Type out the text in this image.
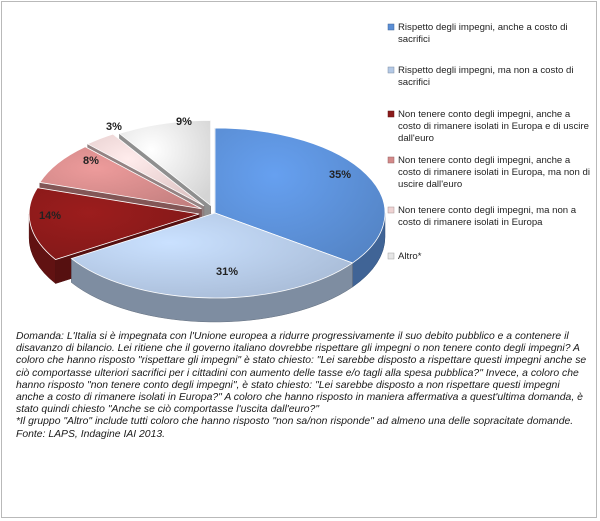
35%
31%
14%
8%
3%	9%
Rispetto degli impegni, anche a costo di sacrifici
Rispetto degli impegni, ma non a costo di sacrifici
Non tenere conto degli impegni, anche a costo di rimanere isolati in Europa e di uscire dall'euro
Non tenere conto degli impegni, anche a costo di rimanere isolati in Europa, ma non di uscire dall'euro
Non tenere conto degli impegni, ma non a costo di rimanere isolati in Europa
Altro*

Domanda: L'Italia si è impegnata con l'Unione europea a ridurre progressivamente il suo debito pubblico e a contenere il disavanzo di bilancio. Lei ritiene che il governo italiano dovrebbe rispettare gli impegni o non tenere conto degli impegni? A coloro che hanno risposto "rispettare gli impegni" è stato chiesto: "Lei sarebbe disposto a rispettare questi impegni anche se ciò comportasse ulteriori sacrifici per i cittadini con aumento delle tasse e/o tagli alla spesa pubblica?" Invece, a coloro che hanno risposto "non tenere conto degli impegni", è stato chiesto: "Lei sarebbe disposto a non rispettare questi impegni anche a costo di rimanere isolati in Europa?" A coloro che hanno risposto in maniera affermativa a quest'ultima domanda, è stato quindi chiesto "Anche se ciò comportasse l'uscita dall'euro?"

*Il gruppo "Altro" include tutti coloro che hanno risposto "non sa/non risponde" ad almeno una delle sopracitate domande.

Fonte: LAPS, Indagine IAI 2013.
